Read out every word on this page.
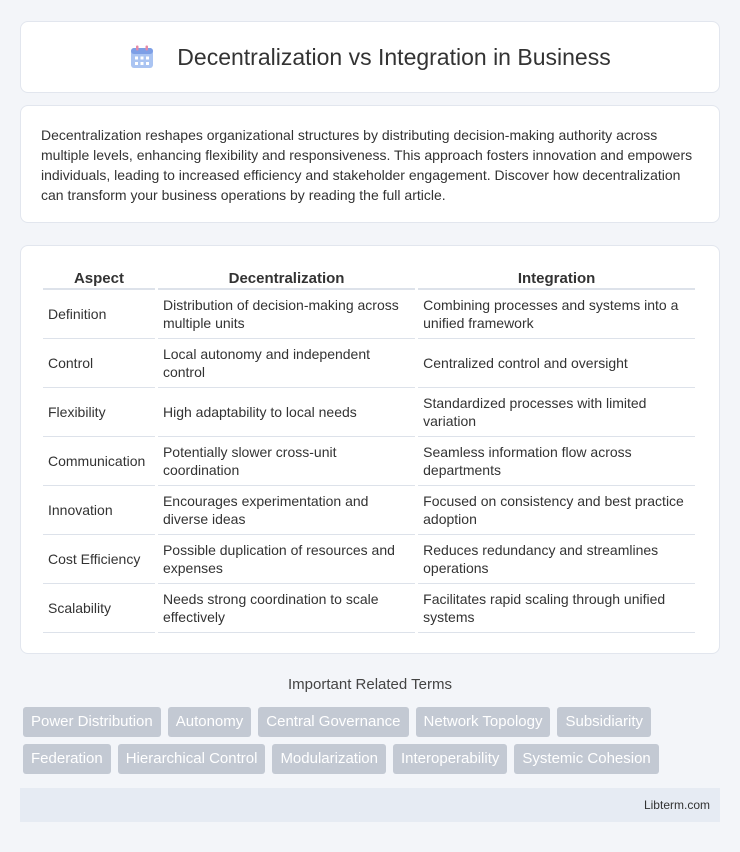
Decentralization vs Integration in Business

Decentralization reshapes organizational structures by distributing decision-making authority across multiple levels, enhancing flexibility and responsiveness. This approach fosters innovation and empowers individuals, leading to increased efficiency and stakeholder engagement. Discover how decentralization can transform your business operations by reading the full article.

Aspect	Decentralization	Integration
Definition	Distribution of decision-making across multiple units	Combining processes and systems into a unified framework
Control	Local autonomy and independent control	Centralized control and oversight
Flexibility	High adaptability to local needs	Standardized processes with limited variation
Communication	Potentially slower cross-unit coordination	Seamless information flow across departments
Innovation	Encourages experimentation and diverse ideas	Focused on consistency and best practice adoption
Cost Efficiency	Possible duplication of resources and expenses	Reduces redundancy and streamlines operations
Scalability	Needs strong coordination to scale effectively	Facilitates rapid scaling through unified systems
Important Related Terms
Power Distribution	Autonomy	Central Governance	Network Topology	Subsidiarity
Federation	Hierarchical Control	Modularization	Interoperability	Systemic Cohesion
Libterm.com
